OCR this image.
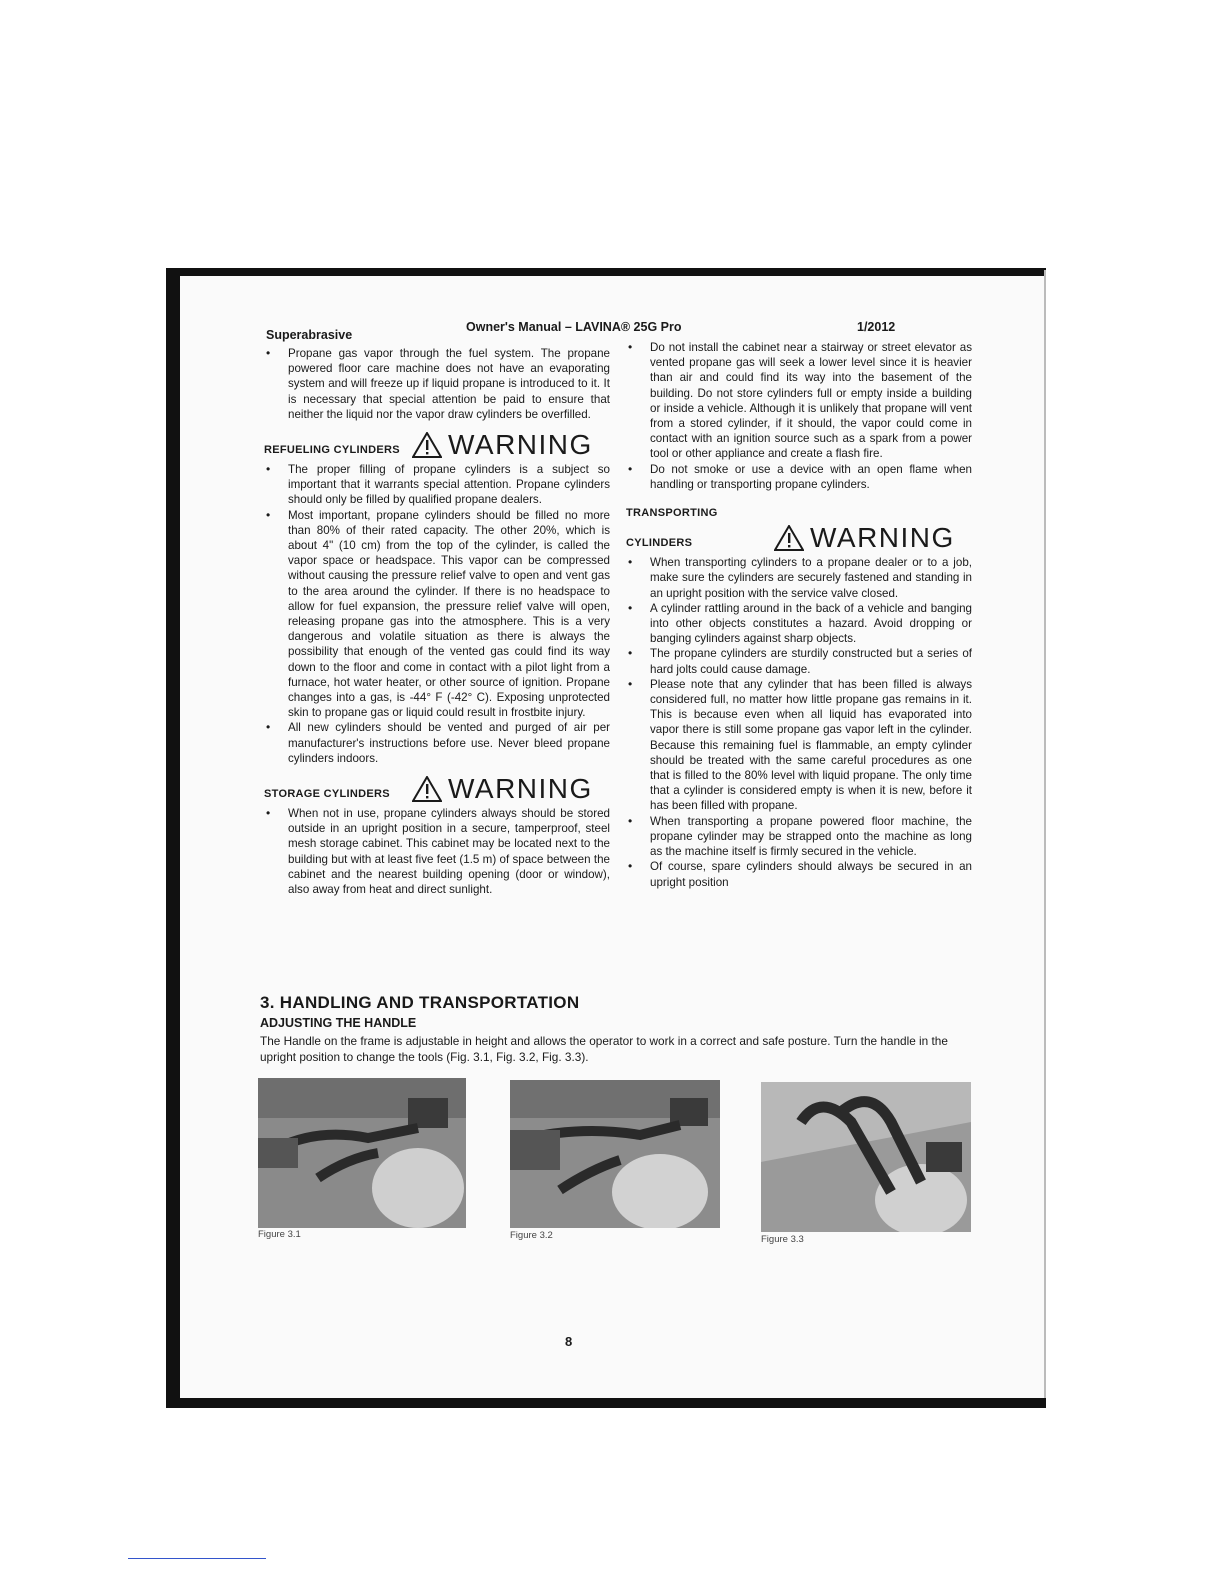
Superabrasive
Owner's Manual – LAVINA® 25G Pro	1/2012
• Propane gas vapor through the fuel system. The propane powered floor care machine does not have an evaporating system and will freeze up if liquid propane is introduced to it. It is necessary that special attention be paid to ensure that neither the liquid nor the vapor draw cylinders be overfilled.
REFUELING CYLINDERS	WARNING
• The proper filling of propane cylinders is a subject so important that it warrants special attention. Propane cylinders should only be filled by qualified propane dealers.
• Most important, propane cylinders should be filled no more than 80% of their rated capacity. The other 20%, which is about 4" (10 cm) from the top of the cylinder, is called the vapor space or headspace. This vapor can be compressed without causing the pressure relief valve to open and vent gas to the area around the cylinder. If there is no headspace to allow for fuel expansion, the pressure relief valve will open, releasing propane gas into the atmosphere. This is a very dangerous and volatile situation as there is always the possibility that enough of the vented gas could find its way down to the floor and come in contact with a pilot light from a furnace, hot water heater, or other source of ignition. Propane changes into a gas, is -44° F (-42° C). Exposing unprotected skin to propane gas or liquid could result in frostbite injury.
• All new cylinders should be vented and purged of air per manufacturer's instructions before use. Never bleed propane cylinders indoors.
STORAGE CYLINDERS	WARNING
• When not in use, propane cylinders always should be stored outside in an upright position in a secure, tamperproof, steel mesh storage cabinet. This cabinet may be located next to the building but with at least five feet (1.5 m) of space between the cabinet and the nearest building opening (door or window), also away from heat and direct sunlight.
• Do not install the cabinet near a stairway or street elevator as vented propane gas will seek a lower level since it is heavier than air and could find its way into the basement of the building. Do not store cylinders full or empty inside a building or inside a vehicle. Although it is unlikely that propane will vent from a stored cylinder, if it should, the vapor could come in contact with an ignition source such as a spark from a power tool or other appliance and create a flash fire.
• Do not smoke or use a device with an open flame when handling or transporting propane cylinders.
TRANSPORTING
CYLINDERS	WARNING
• When transporting cylinders to a propane dealer or to a job, make sure the cylinders are securely fastened and standing in an upright position with the service valve closed.
• A cylinder rattling around in the back of a vehicle and banging into other objects constitutes a hazard. Avoid dropping or banging cylinders against sharp objects.
• The propane cylinders are sturdily constructed but a series of hard jolts could cause damage.
• Please note that any cylinder that has been filled is always considered full, no matter how little propane gas remains in it. This is because even when all liquid has evaporated into vapor there is still some propane gas vapor left in the cylinder. Because this remaining fuel is flammable, an empty cylinder should be treated with the same careful procedures as one that is filled to the 80% level with liquid propane. The only time that a cylinder is considered empty is when it is new, before it has been filled with propane.
• When transporting a propane powered floor machine, the propane cylinder may be strapped onto the machine as long as the machine itself is firmly secured in the vehicle.
• Of course, spare cylinders should always be secured in an upright position
3. HANDLING AND TRANSPORTATION
ADJUSTING THE HANDLE
The Handle on the frame is adjustable in height and allows the operator to work in a correct and safe posture. Turn the handle in the upright position to change the tools (Fig. 3.1, Fig. 3.2, Fig. 3.3).
Figure 3.1	Figure 3.2	Figure 3.3
8
